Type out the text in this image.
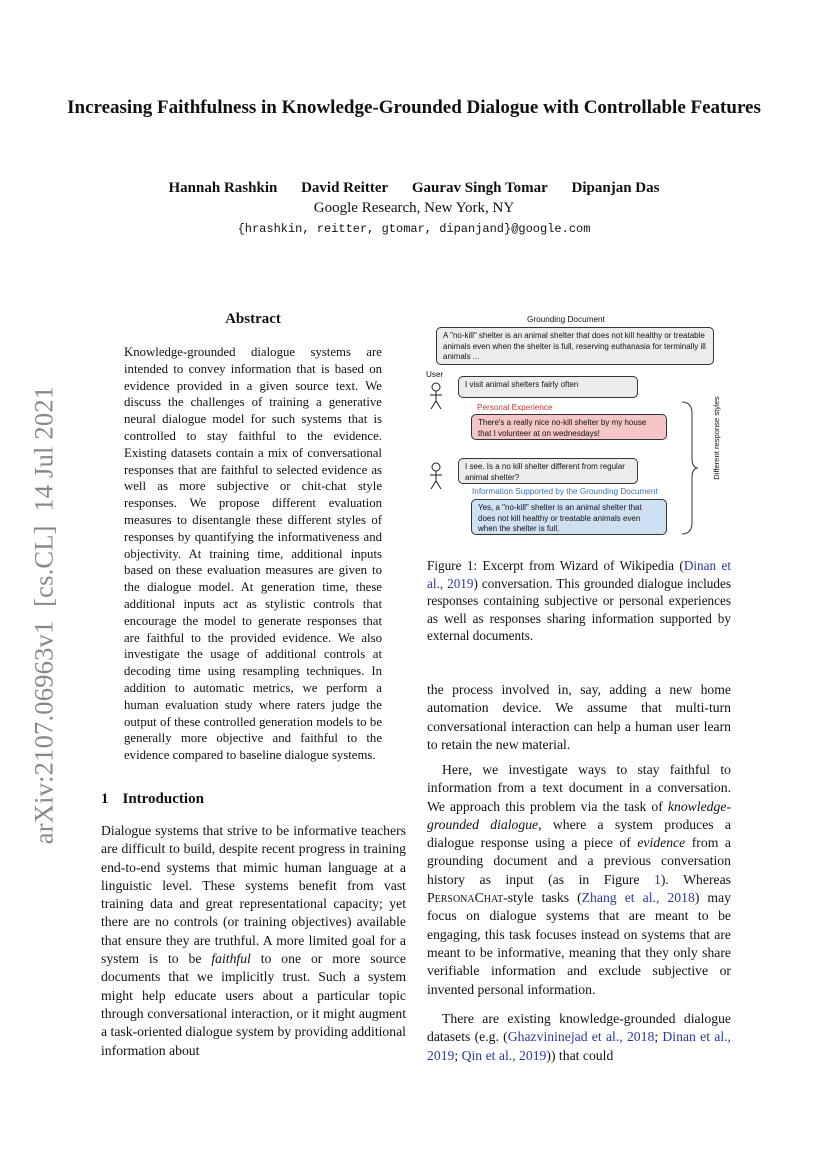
Increasing Faithfulness in Knowledge-Grounded Dialogue with Controllable Features
Hannah Rashkin David Reitter Gaurav Singh Tomar Dipanjan Das
Google Research, New York, NY
{hrashkin, reitter, gtomar, dipanjand}@google.com
arXiv:2107.06963v1  [cs.CL]  14 Jul 2021
Abstract
Knowledge-grounded dialogue systems are intended to convey information that is based on evidence provided in a given source text. We discuss the challenges of training a generative neural dialogue model for such systems that is controlled to stay faithful to the evidence. Existing datasets contain a mix of conversational responses that are faithful to selected evidence as well as more subjective or chit-chat style responses. We propose different evaluation measures to disentangle these different styles of responses by quantifying the informativeness and objectivity. At training time, additional inputs based on these evaluation measures are given to the dialogue model. At generation time, these additional inputs act as stylistic controls that encourage the model to generate responses that are faithful to the provided evidence. We also investigate the usage of additional controls at decoding time using resampling techniques. In addition to automatic metrics, we perform a human evaluation study where raters judge the output of these controlled generation models to be generally more objective and faithful to the evidence compared to baseline dialogue systems.
1 Introduction
Dialogue systems that strive to be informative teachers are difficult to build, despite recent progress in training end-to-end systems that mimic human language at a linguistic level. These systems benefit from vast training data and great representational capacity; yet there are no controls (or training objectives) available that ensure they are truthful. A more limited goal for a system is to be faithful to one or more source documents that we implicitly trust. Such a system might help educate users about a particular topic through conversational interaction, or it might augment a task-oriented dialogue system by providing additional information about
Grounding Document
A "no-kill" shelter is an animal shelter that does not kill healthy or treatable animals even when the shelter is full, reserving euthanasia for terminally ill animals ...
User
I visit animal shelters fairly often
Personal Experience
There's a really nice no-kill shelter by my house that I volunteer at on wednesdays!
I see. Is a no kill shelter different from regular animal shelter?
Information Supported by the Grounding Document
Yes, a "no-kill" shelter is an animal shelter that does not kill healthy or treatable animals even when the shelter is full.
Different response styles
Figure 1: Excerpt from Wizard of Wikipedia (Dinan et al., 2019) conversation. This grounded dialogue includes responses containing subjective or personal experiences as well as responses sharing information supported by external documents.
the process involved in, say, adding a new home automation device. We assume that multi-turn conversational interaction can help a human user learn to retain the new material.
Here, we investigate ways to stay faithful to information from a text document in a conversation. We approach this problem via the task of knowledge-grounded dialogue, where a system produces a dialogue response using a piece of evidence from a grounding document and a previous conversation history as input (as in Figure 1). Whereas PersonaChat-style tasks (Zhang et al., 2018) may focus on dialogue systems that are meant to be engaging, this task focuses instead on systems that are meant to be informative, meaning that they only share verifiable information and exclude subjective or invented personal information.
There are existing knowledge-grounded dialogue datasets (e.g. (Ghazvininejad et al., 2018; Dinan et al., 2019; Qin et al., 2019)) that could
